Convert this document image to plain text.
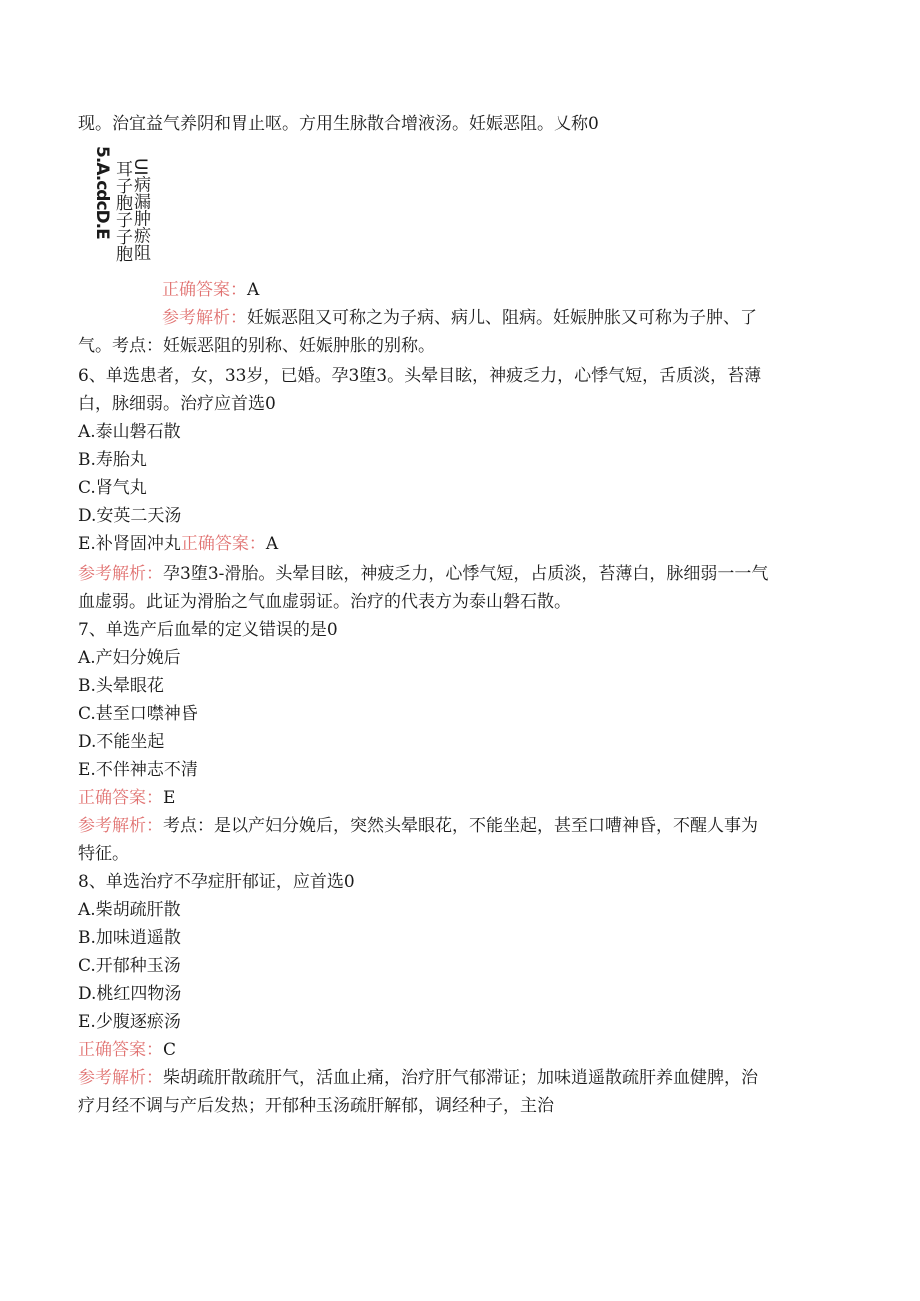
现。治宜益气养阴和胃止呕。方用生脉散合增液汤。妊娠恶阻。乂称0
5.A.cdcD.E 耳子胞子子胞
UI病漏肿瘀阻
正确答案：A
参考解析：妊娠恶阻又可称之为子病、病儿、阻病。妊娠肿胀又可称为子肿、了
气。考点：妊娠恶阻的别称、妊娠肿胀的别称。
6、单选患者，女，33岁，已婚。孕3堕3。头晕目眩，神疲乏力，心悸气短，舌质淡，苔薄
白，脉细弱。治疗应首选0
A.泰山磐石散
B.寿胎丸
C.肾气丸
D.安英二天汤
E.补肾固冲丸正确答案：A
参考解析：孕3堕3-滑胎。头晕目眩，神疲乏力，心悸气短，占质淡，苔薄白，脉细弱一一气
血虚弱。此证为滑胎之气血虚弱证。治疗的代表方为泰山磐石散。
7、单选产后血晕的定义错误的是0
A.产妇分娩后
B.头晕眼花
C.甚至口噤神昏
D.不能坐起
E.不伴神志不清
正确答案：E
参考解析：考点：是以产妇分娩后，突然头晕眼花，不能坐起，甚至口嘈神昏，不醒人事为
特征。
8、单选治疗不孕症肝郁证，应首选0
A.柴胡疏肝散
B.加味逍遥散
C.开郁种玉汤
D.桃红四物汤
E.少腹逐瘀汤
正确答案：C
参考解析：柴胡疏肝散疏肝气，活血止痛，治疗肝气郁滞证；加味逍遥散疏肝养血健脾，治
疗月经不调与产后发热；开郁种玉汤疏肝解郁，调经种子，主治
